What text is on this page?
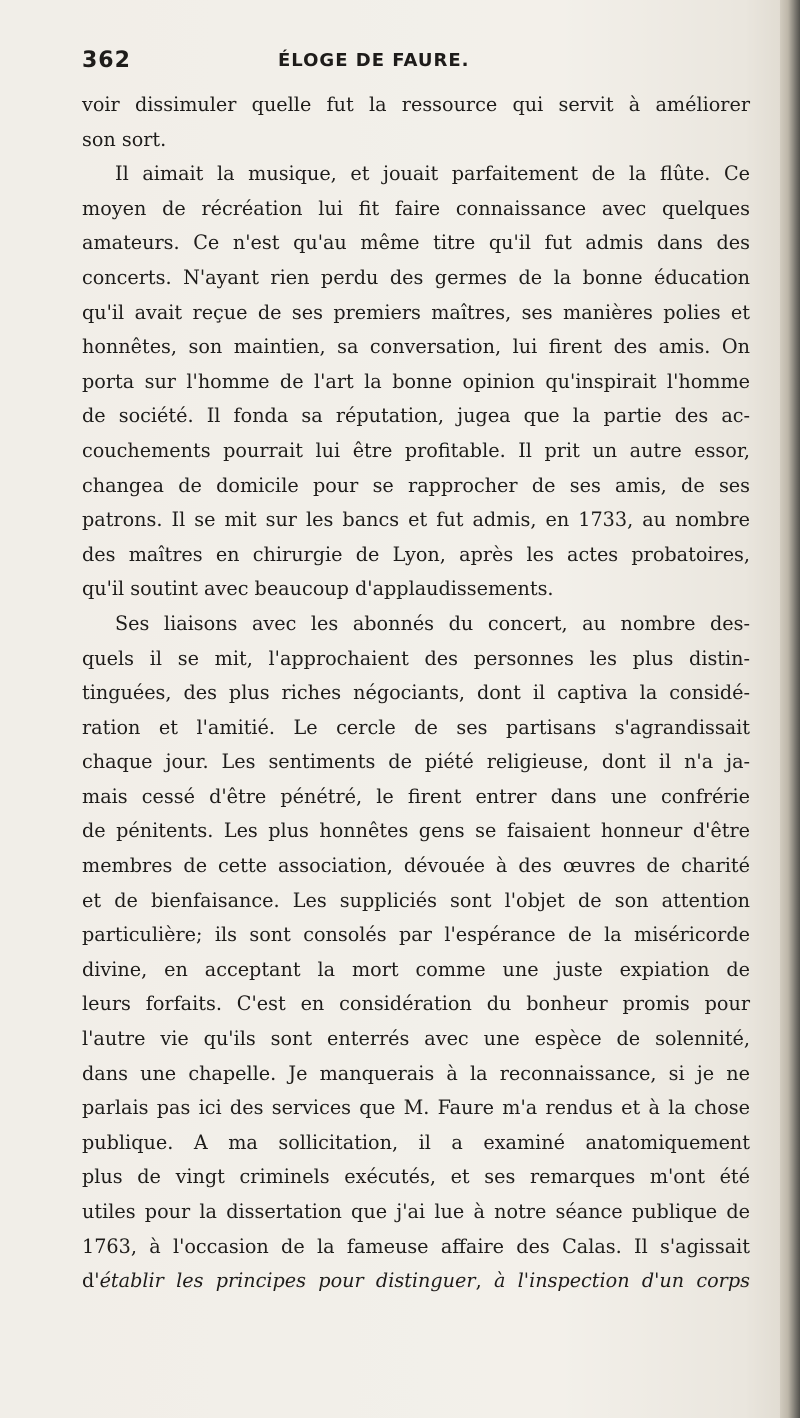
362	ÉLOGE DE FAURE.
voir dissimuler quelle fut la ressource qui servit à améliorer
son sort.
Il aimait la musique, et jouait parfaitement de la flûte. Ce
moyen de récréation lui fit faire connaissance avec quelques
amateurs. Ce n'est qu'au même titre qu'il fut admis dans des
concerts. N'ayant rien perdu des germes de la bonne éducation
qu'il avait reçue de ses premiers maîtres, ses manières polies et
honnêtes, son maintien, sa conversation, lui firent des amis. On
porta sur l'homme de l'art la bonne opinion qu'inspirait l'homme
de société. Il fonda sa réputation, jugea que la partie des ac-
couchements pourrait lui être profitable. Il prit un autre essor,
changea de domicile pour se rapprocher de ses amis, de ses
patrons. Il se mit sur les bancs et fut admis, en 1733, au nombre
des maîtres en chirurgie de Lyon, après les actes probatoires,
qu'il soutint avec beaucoup d'applaudissements.
Ses liaisons avec les abonnés du concert, au nombre des-
quels il se mit, l'approchaient des personnes les plus distin-
tinguées, des plus riches négociants, dont il captiva la considé-
ration et l'amitié. Le cercle de ses partisans s'agrandissait
chaque jour. Les sentiments de piété religieuse, dont il n'a ja-
mais cessé d'être pénétré, le firent entrer dans une confrérie
de pénitents. Les plus honnêtes gens se faisaient honneur d'être
membres de cette association, dévouée à des œuvres de charité
et de bienfaisance. Les suppliciés sont l'objet de son attention
particulière; ils sont consolés par l'espérance de la miséricorde
divine, en acceptant la mort comme une juste expiation de
leurs forfaits. C'est en considération du bonheur promis pour
l'autre vie qu'ils sont enterrés avec une espèce de solennité,
dans une chapelle. Je manquerais à la reconnaissance, si je ne
parlais pas ici des services que M. Faure m'a rendus et à la chose
publique. A ma sollicitation, il a examiné anatomiquement
plus de vingt criminels exécutés, et ses remarques m'ont été
utiles pour la dissertation que j'ai lue à notre séance publique de
1763, à l'occasion de la fameuse affaire des Calas. Il s'agissait
d'établir les principes pour distinguer, à l'inspection d'un corps
